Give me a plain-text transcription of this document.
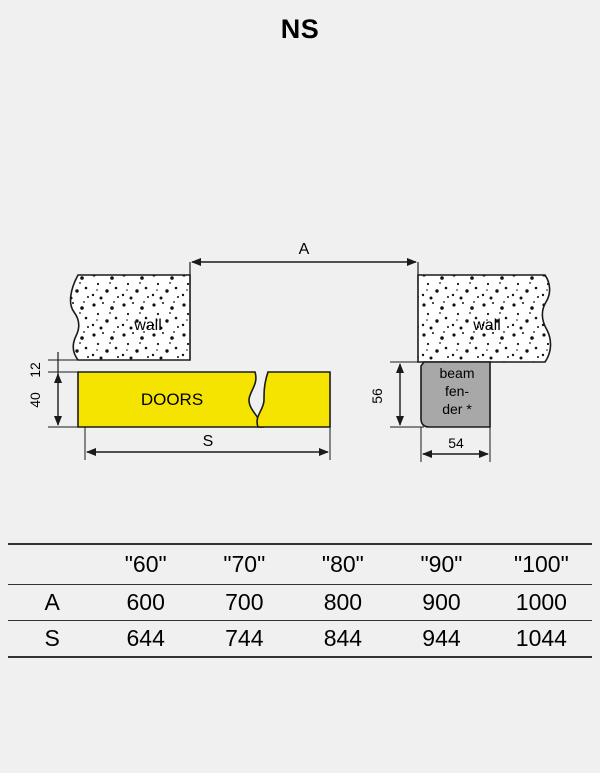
NS
A
wall	wall
DOORS
beam
fen-
der *
12
40
S
56
54
	"60"	"70"	"80"	"90"	"100"
A	600	700	800	900	1000
S	644	744	844	944	1044
